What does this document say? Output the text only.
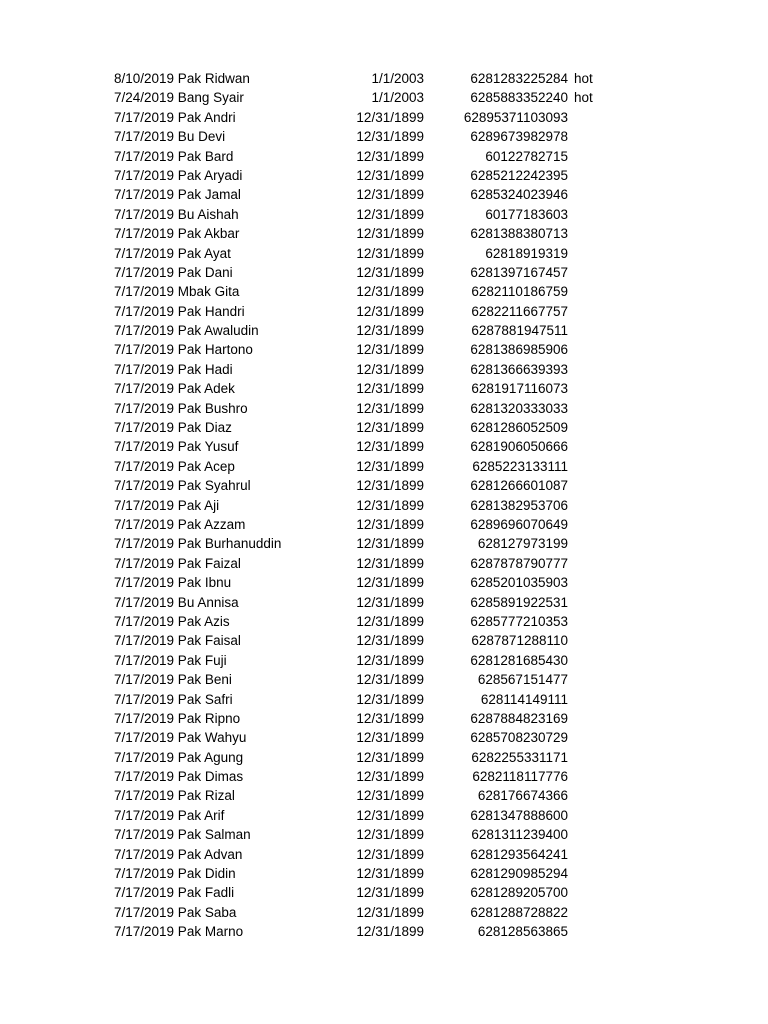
8/10/2019 Pak Ridwan	1/1/2003	6281283225284 hot
7/24/2019 Bang Syair	1/1/2003	6285883352240 hot
7/17/2019 Pak Andri	12/31/1899	62895371103093
7/17/2019 Bu Devi	12/31/1899	6289673982978
7/17/2019 Pak Bard	12/31/1899	60122782715
7/17/2019 Pak Aryadi	12/31/1899	6285212242395
7/17/2019 Pak Jamal	12/31/1899	6285324023946
7/17/2019 Bu Aishah	12/31/1899	60177183603
7/17/2019 Pak Akbar	12/31/1899	6281388380713
7/17/2019 Pak Ayat	12/31/1899	62818919319
7/17/2019 Pak Dani	12/31/1899	6281397167457
7/17/2019 Mbak Gita	12/31/1899	6282110186759
7/17/2019 Pak Handri	12/31/1899	6282211667757
7/17/2019 Pak Awaludin	12/31/1899	6287881947511
7/17/2019 Pak Hartono	12/31/1899	6281386985906
7/17/2019 Pak Hadi	12/31/1899	6281366639393
7/17/2019 Pak Adek	12/31/1899	6281917116073
7/17/2019 Pak Bushro	12/31/1899	6281320333033
7/17/2019 Pak Diaz	12/31/1899	6281286052509
7/17/2019 Pak Yusuf	12/31/1899	6281906050666
7/17/2019 Pak Acep	12/31/1899	6285223133111
7/17/2019 Pak Syahrul	12/31/1899	6281266601087
7/17/2019 Pak Aji	12/31/1899	6281382953706
7/17/2019 Pak Azzam	12/31/1899	6289696070649
7/17/2019 Pak Burhanuddin	12/31/1899	628127973199
7/17/2019 Pak Faizal	12/31/1899	6287878790777
7/17/2019 Pak Ibnu	12/31/1899	6285201035903
7/17/2019 Bu Annisa	12/31/1899	6285891922531
7/17/2019 Pak Azis	12/31/1899	6285777210353
7/17/2019 Pak Faisal	12/31/1899	6287871288110
7/17/2019 Pak Fuji	12/31/1899	6281281685430
7/17/2019 Pak Beni	12/31/1899	628567151477
7/17/2019 Pak Safri	12/31/1899	628114149111
7/17/2019 Pak Ripno	12/31/1899	6287884823169
7/17/2019 Pak Wahyu	12/31/1899	6285708230729
7/17/2019 Pak Agung	12/31/1899	6282255331171
7/17/2019 Pak Dimas	12/31/1899	6282118117776
7/17/2019 Pak Rizal	12/31/1899	628176674366
7/17/2019 Pak Arif	12/31/1899	6281347888600
7/17/2019 Pak Salman	12/31/1899	6281311239400
7/17/2019 Pak Advan	12/31/1899	6281293564241
7/17/2019 Pak Didin	12/31/1899	6281290985294
7/17/2019 Pak Fadli	12/31/1899	6281289205700
7/17/2019 Pak Saba	12/31/1899	6281288728822
7/17/2019 Pak Marno	12/31/1899	628128563865
